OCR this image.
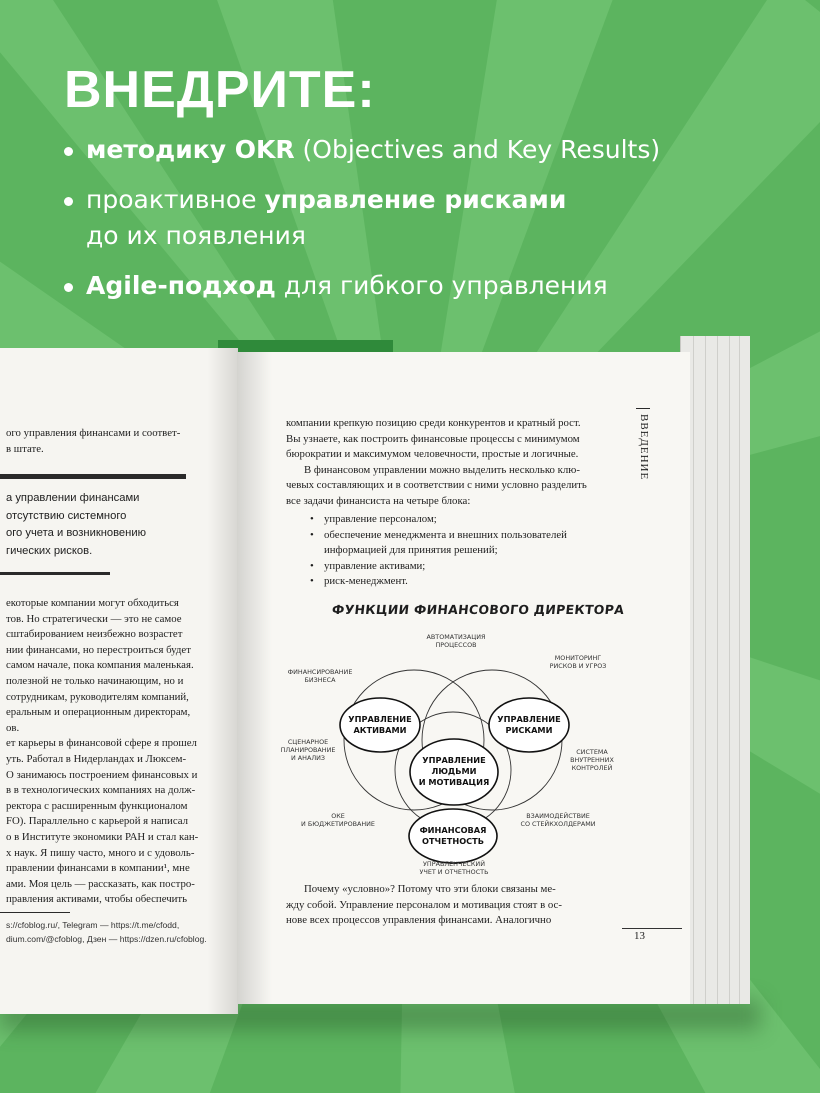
ВНЕДРИТЕ:
методику OKR (Objectives and Key Results)
проактивное управление рисками
до их появления
Agile-подход для гибкого управления
ого управления финансами и соответ-
в штате.
а управлении финансами
отсутствию системного
ого учета и возникновению
гических рисков.
екоторые компании могут обходиться
тов. Но стратегически — это не самое
сштабированием неизбежно возрастет
нии финансами, но перестроиться будет
самом начале, пока компания маленькая.
полезной не только начинающим, но и
сотрудникам, руководителям компаний,
еральным и операционным директорам,
ов.
ет карьеры в финансовой сфере я прошел
уть. Работал в Нидерландах и Люксем-
О занимаюсь построением финансовых и
в в технологических компаниях на долж-
ректора с расширенным функционалом
FO). Параллельно с карьерой я написал
о в Институте экономики РАН и стал кан-
х наук. Я пишу часто, много и с удоволь-
правлении финансами в компании¹, мне
ами. Моя цель — рассказать, как постро-
правления активами, чтобы обеспечить
s://cfoblog.ru/, Telegram — https://t.me/cfodd,
dium.com/@cfoblog, Дзен — https://dzen.ru/cfoblog.
ВВЕДЕНИЕ
компании крепкую позицию среди конкурентов и кратный рост.
Вы узнаете, как построить финансовые процессы с минимумом
бюрократии и максимумом человечности, простые и логичные.
В финансовом управлении можно выделить несколько клю-
чевых составляющих и в соответствии с ними условно разделить
все задачи финансиста на четыре блока:
• управление персоналом;
• обеспечение менеджмента и внешних пользователей
информацией для принятия решений;
• управление активами;
• риск-менеджмент.
ФУНКЦИИ ФИНАНСОВОГО ДИРЕКТОРА
УПРАВЛЕНИЕ
АКТИВАМИ
УПРАВЛЕНИЕ
РИСКАМИ
УПРАВЛЕНИЕ
ЛЮДЬМИ
И МОТИВАЦИЯ
ФИНАНСОВАЯ
ОТЧЕТНОСТЬ
АВТОМАТИЗАЦИЯ
ПРОЦЕССОВ
МОНИТОРИНГ
РИСКОВ И УГРОЗ
ФИНАНСИРОВАНИЕ
БИЗНЕСА
СЦЕНАРНОЕ
ПЛАНИРОВАНИЕ
И АНАЛИЗ
СИСТЕМА
ВНУТРЕННИХ
КОНТРОЛЕЙ
ВЗАИМОДЕЙСТВИЕ
СО СТЕЙКХОЛДЕРАМИ
ОКЕ
И БЮДЖЕТИРОВАНИЕ
УПРАВЛЕНЧЕСКИЙ
УЧЕТ И ОТЧЕТНОСТЬ
Почему «условно»? Потому что эти блоки связаны ме-
жду собой. Управление персоналом и мотивация стоят в ос-
нове всех процессов управления финансами. Аналогично
13
